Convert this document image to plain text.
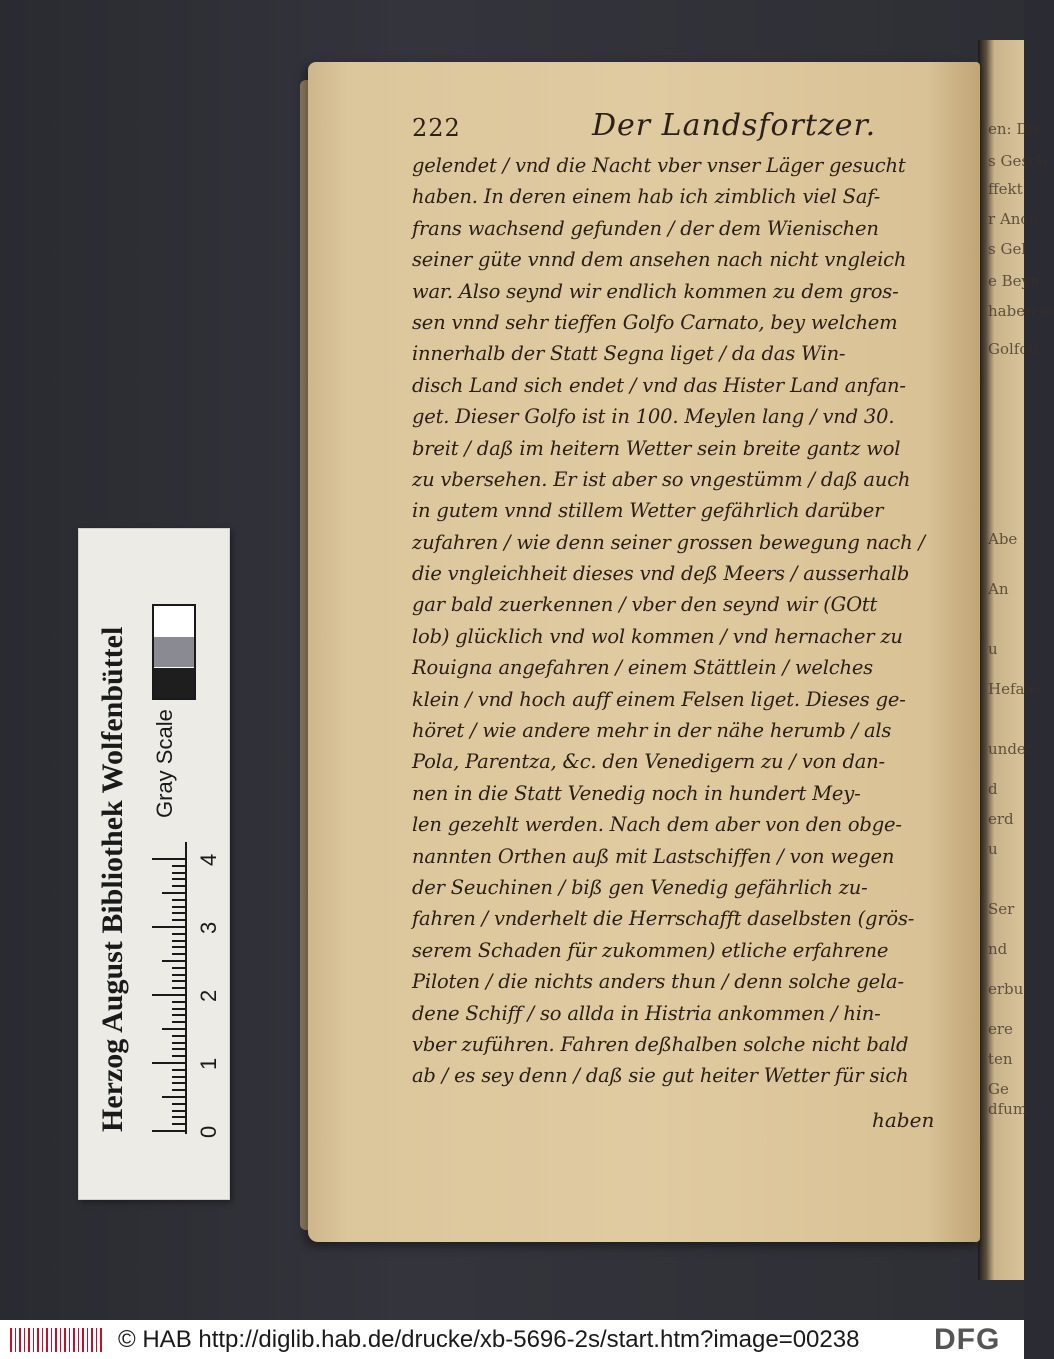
en: Die
s Gesch
ffekt
r Ancu
s Gel
e Beyh
haben m
Golfon
Abe
An
u
Hefale
under
d
erd
u
Ser
nd
erbu
ere
ten
Ge
dfum
222	Der Landsfortzer.
gelendet / vnd die Nacht vber vnser Läger gesucht
haben. In deren einem hab ich zimblich viel Saf-
frans wachsend gefunden / der dem Wienischen
seiner güte vnnd dem ansehen nach nicht vngleich
war. Also seynd wir endlich kommen zu dem gros-
sen vnnd sehr tieffen Golfo Carnato, bey welchem
innerhalb der Statt Segna liget / da das Win-
disch Land sich endet / vnd das Hister Land anfan-
get. Dieser Golfo ist in 100. Meylen lang / vnd 30.
breit / daß im heitern Wetter sein breite gantz wol
zu vbersehen. Er ist aber so vngestümm / daß auch
in gutem vnnd stillem Wetter gefährlich darüber
zufahren / wie denn seiner grossen bewegung nach /
die vngleichheit dieses vnd deß Meers / ausserhalb
gar bald zuerkennen / vber den seynd wir (GOtt
lob) glücklich vnd wol kommen / vnd hernacher zu
Rouigna angefahren / einem Stättlein / welches
klein / vnd hoch auff einem Felsen liget. Dieses ge-
höret / wie andere mehr in der nähe herumb / als
Pola, Parentza, &c. den Venedigern zu / von dan-
nen in die Statt Venedig noch in hundert Mey-
len gezehlt werden. Nach dem aber von den obge-
nannten Orthen auß mit Lastschiffen / von wegen
der Seuchinen / biß gen Venedig gefährlich zu-
fahren / vnderhelt die Herrschafft daselbsten (grös-
serem Schaden für zukommen) etliche erfahrene
Piloten / die nichts anders thun / denn solche gela-
dene Schiff / so allda in Histria ankommen / hin-
vber zuführen. Fahren deßhalben solche nicht bald
ab / es sey denn / daß sie gut heiter Wetter für sich
haben
Herzog August Bibliothek Wolfenbüttel Gray Scale
0
1
2
3
4
© HAB http://diglib.hab.de/drucke/xb-5696-2s/start.htm?image=00238 DFG
